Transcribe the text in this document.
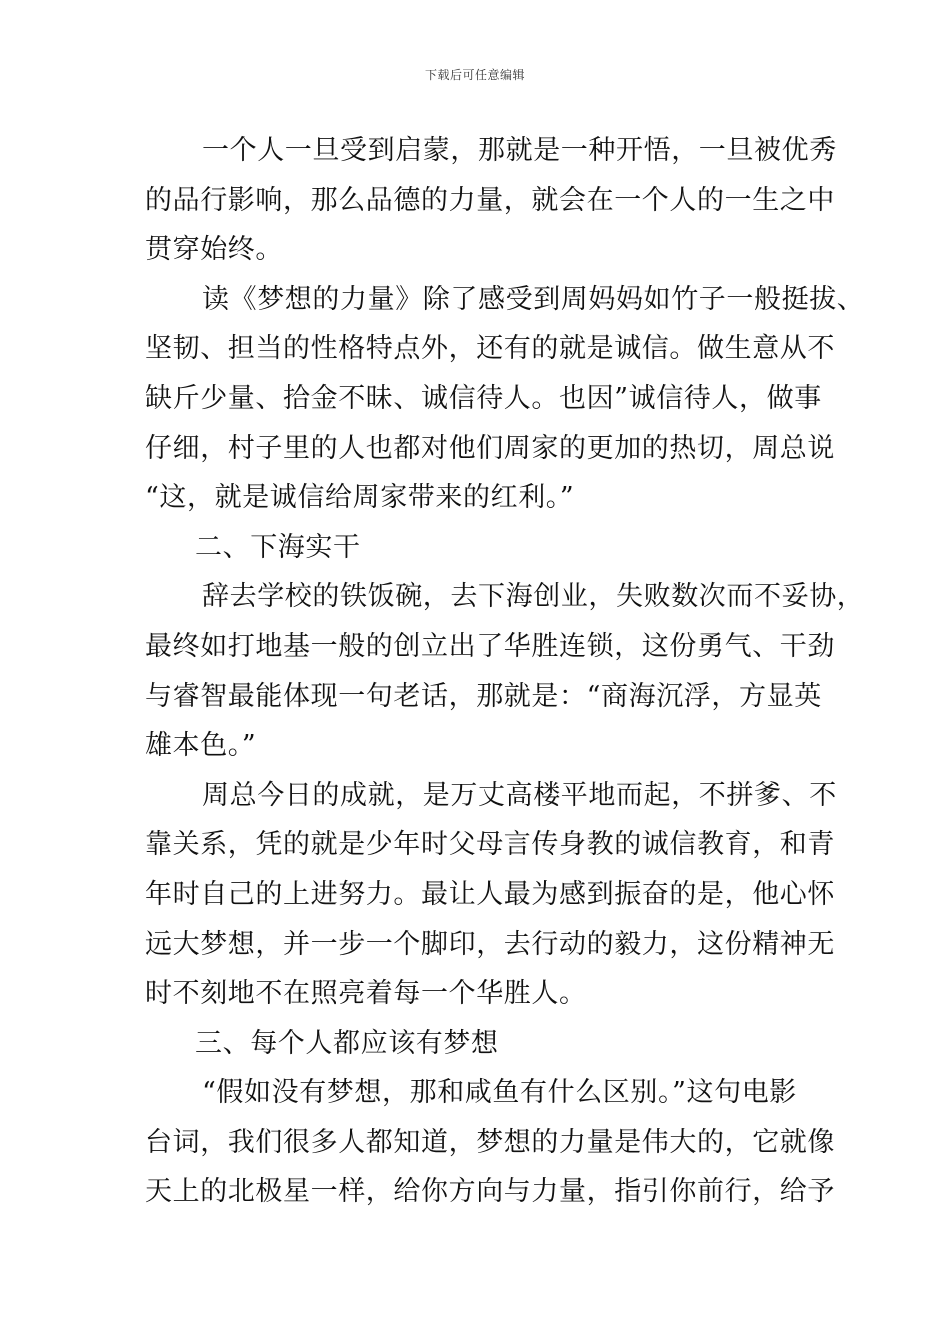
下载后可任意编辑
一个人一旦受到启蒙，那就是一种开悟，一旦被优秀
的品行影响，那么品德的力量，就会在一个人的一生之中
贯穿始终。
读《梦想的力量》除了感受到周妈妈如竹子一般挺拔、
坚韧、担当的性格特点外，还有的就是诚信。做生意从不
缺斤少量、拾金不昧、诚信待人。也因”诚信待人，做事
仔细，村子里的人也都对他们周家的更加的热切，周总说
“这，就是诚信给周家带来的红利。”
二、下海实干
辞去学校的铁饭碗，去下海创业，失败数次而不妥协，
最终如打地基一般的创立出了华胜连锁，这份勇气、干劲
与睿智最能体现一句老话，那就是：“商海沉浮，方显英
雄本色。”
周总今日的成就，是万丈高楼平地而起，不拼爹、不
靠关系，凭的就是少年时父母言传身教的诚信教育，和青
年时自己的上进努力。最让人最为感到振奋的是，他心怀
远大梦想，并一步一个脚印，去行动的毅力，这份精神无
时不刻地不在照亮着每一个华胜人。
三、每个人都应该有梦想
“假如没有梦想，那和咸鱼有什么区别。”这句电影
台词，我们很多人都知道，梦想的力量是伟大的，它就像
天上的北极星一样，给你方向与力量，指引你前行，给予
